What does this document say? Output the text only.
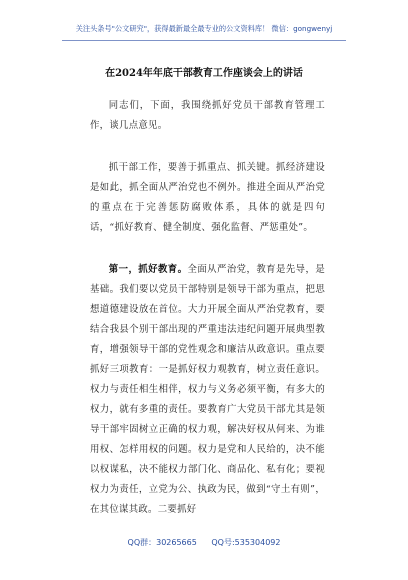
关注头条号"公文研究"，获得最新最全最专业的公文资料库！ 微信：gongwenyj
在2024年年底干部教育工作座谈会上的讲话

同志们，下面，我围绕抓好党员干部教育管理工作，谈几点意见。

抓干部工作，要善于抓重点、抓关键。抓经济建设是如此，抓全面从严治党也不例外。推进全面从严治党的重点在于完善惩防腐败体系，具体的就是四句话，“抓好教育、健全制度、强化监督、严惩重处”。

第一，抓好教育。全面从严治党，教育是先导，是基础。我们要以党员干部特别是领导干部为重点，把思想道德建设放在首位。大力开展全面从严治党教育，要结合我县个别干部出现的严重违法违纪问题开展典型教育，增强领导干部的党性观念和廉洁从政意识。重点要抓好三项教育：一是抓好权力观教育，树立责任意识。权力与责任相生相伴，权力与义务必须平衡，有多大的权力，就有多重的责任。要教育广大党员干部尤其是领导干部牢固树立正确的权力观，解决好权从何来、为谁用权、怎样用权的问题。权力是党和人民给的，决不能以权谋私，决不能权力部门化、商品化、私有化；要视权力为责任，立党为公、执政为民，做到“守土有则”，在其位谋其政。二要抓好

QQ群：30265665 QQ号:535304092
